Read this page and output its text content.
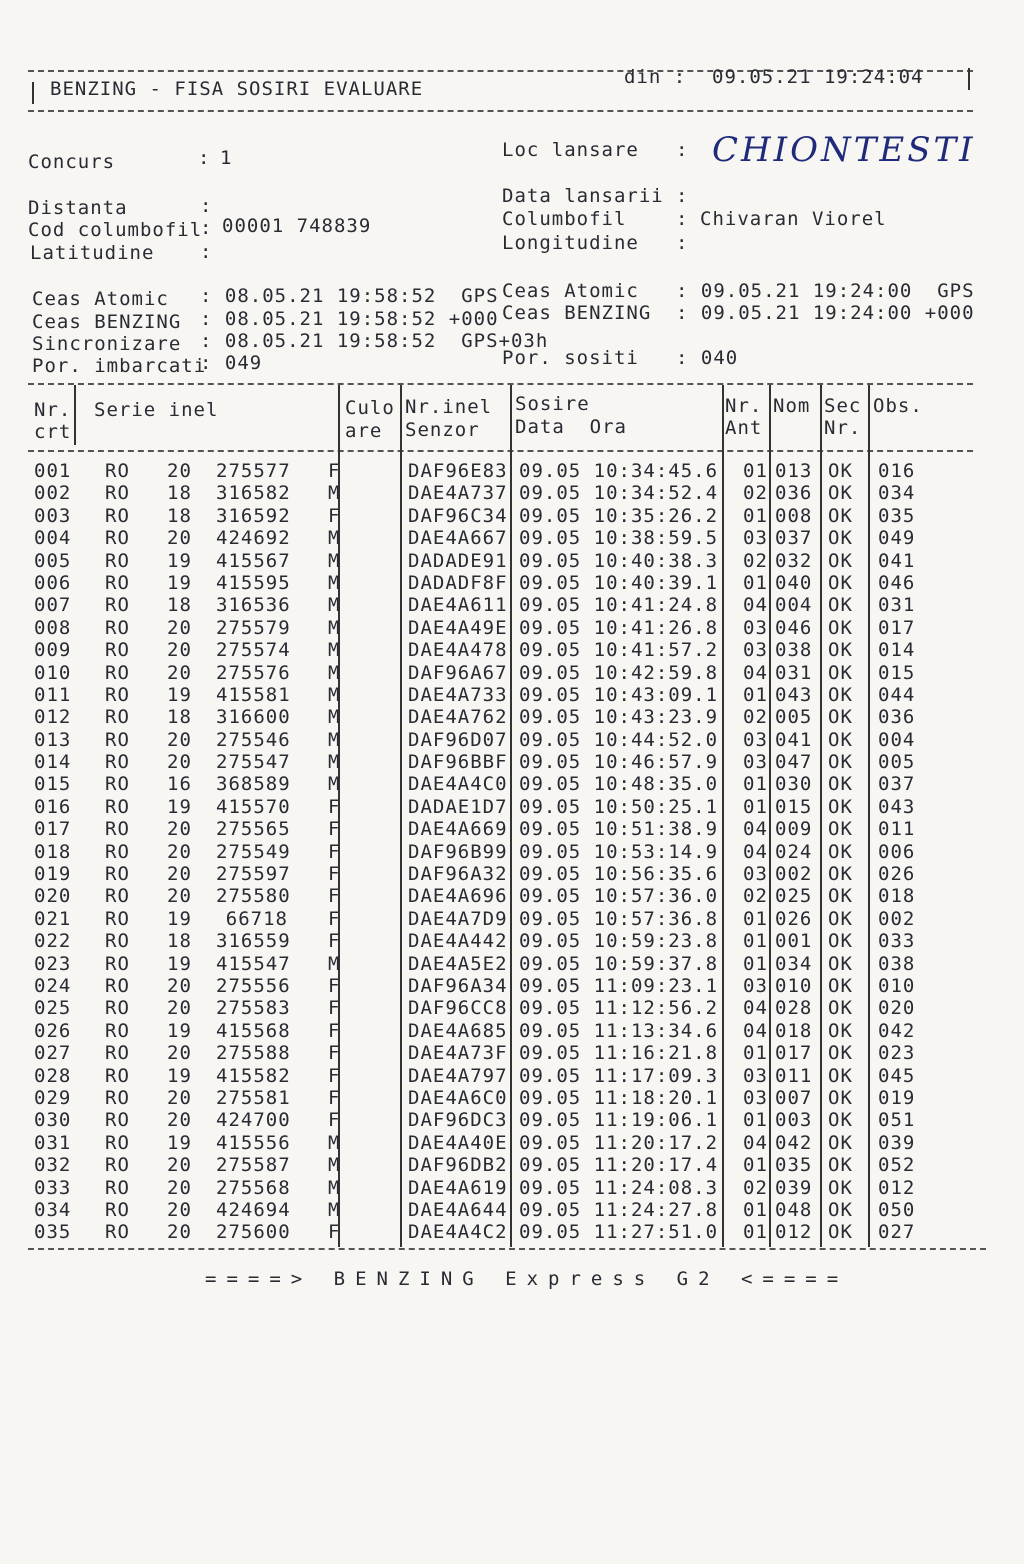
BENZING - FISA SOSIRI EVALUARE
din : 09.05.21 19:24:04
Concurs	: 1
Distanta	:
Cod columbofil
: 00001 748839
Latitudine :
Loc lansare : CHIONTESTI
Data lansarii :
Columbofil	: Chivaran Viorel
Longitudine :
Ceas Atomic : 08.05.21 19:58:52  GPS
Ceas BENZING : 08.05.21 19:58:52 +000
Sincronizare : 08.05.21 19:58:52  GPS+03h
Por. imbarcati
: 049
Ceas Atomic : 09.05.21 19:24:00  GPS
Ceas BENZING : 09.05.21 19:24:00 +000
Por. sositi : 040
Nr.
crt
Serie inel	Culo
are
Nr.inel
Senzor
Sosire
Data  Ora
Nr.
Ant
Nom Sec
Nr.
Obs.
001 RO 20 275577 F	DAF96E83 09.05 10:34:45.6 01 013 OK 016
002 RO 18 316582 M	DAE4A737 09.05 10:34:52.4 02 036 OK 034
003 RO 18 316592 F	DAF96C34 09.05 10:35:26.2 01 008 OK 035
004 RO 20 424692 M	DAE4A667 09.05 10:38:59.5 03 037 OK 049
005 RO 19 415567 M	DADADE91 09.05 10:40:38.3 02 032 OK 041
006 RO 19 415595 M	DADADF8F 09.05 10:40:39.1 01 040 OK 046
007 RO 18 316536 M	DAE4A611 09.05 10:41:24.8 04 004 OK 031
008 RO 20 275579 M	DAE4A49E 09.05 10:41:26.8 03 046 OK 017
009 RO 20 275574 M	DAE4A478 09.05 10:41:57.2 03 038 OK 014
010 RO 20 275576 M	DAF96A67 09.05 10:42:59.8 04 031 OK 015
011 RO 19 415581 M	DAE4A733 09.05 10:43:09.1 01 043 OK 044
012 RO 18 316600 M	DAE4A762 09.05 10:43:23.9 02 005 OK 036
013 RO 20 275546 M	DAF96D07 09.05 10:44:52.0 03 041 OK 004
014 RO 20 275547 M	DAF96BBF 09.05 10:46:57.9 03 047 OK 005
015 RO 16 368589 M	DAE4A4C0 09.05 10:48:35.0 01 030 OK 037
016 RO 19 415570 F	DADAE1D7 09.05 10:50:25.1 01 015 OK 043
017 RO 20 275565 F	DAE4A669 09.05 10:51:38.9 04 009 OK 011
018 RO 20 275549 F	DAF96B99 09.05 10:53:14.9 04 024 OK 006
019 RO 20 275597 F	DAF96A32 09.05 10:56:35.6 03 002 OK 026
020 RO 20 275580 F	DAE4A696 09.05 10:57:36.0 02 025 OK 018
021 RO 19	66718 F	DAE4A7D9 09.05 10:57:36.8 01 026 OK 002
022 RO 18 316559 F	DAE4A442 09.05 10:59:23.8 01 001 OK 033
023 RO 19 415547 M	DAE4A5E2 09.05 10:59:37.8 01 034 OK 038
024 RO 20 275556 F	DAF96A34 09.05 11:09:23.1 03 010 OK 010
025 RO 20 275583 F	DAF96CC8 09.05 11:12:56.2 04 028 OK 020
026 RO 19 415568 F	DAE4A685 09.05 11:13:34.6 04 018 OK 042
027 RO 20 275588 F	DAE4A73F 09.05 11:16:21.8 01 017 OK 023
028 RO 19 415582 F	DAE4A797 09.05 11:17:09.3 03 011 OK 045
029 RO 20 275581 F	DAE4A6C0 09.05 11:18:20.1 03 007 OK 019
030 RO 20 424700 F	DAF96DC3 09.05 11:19:06.1 01 003 OK 051
031 RO 19 415556 M	DAE4A40E 09.05 11:20:17.2 04 042 OK 039
032 RO 20 275587 M	DAF96DB2 09.05 11:20:17.4 01 035 OK 052
033 RO 20 275568 M	DAE4A619 09.05 11:24:08.3 02 039 OK 012
034 RO 20 424694 M	DAE4A644 09.05 11:24:27.8 01 048 OK 050
035 RO 20 275600 F	DAE4A4C2 09.05 11:27:51.0 01 012 OK 027
====> BENZING Express G2 <====
